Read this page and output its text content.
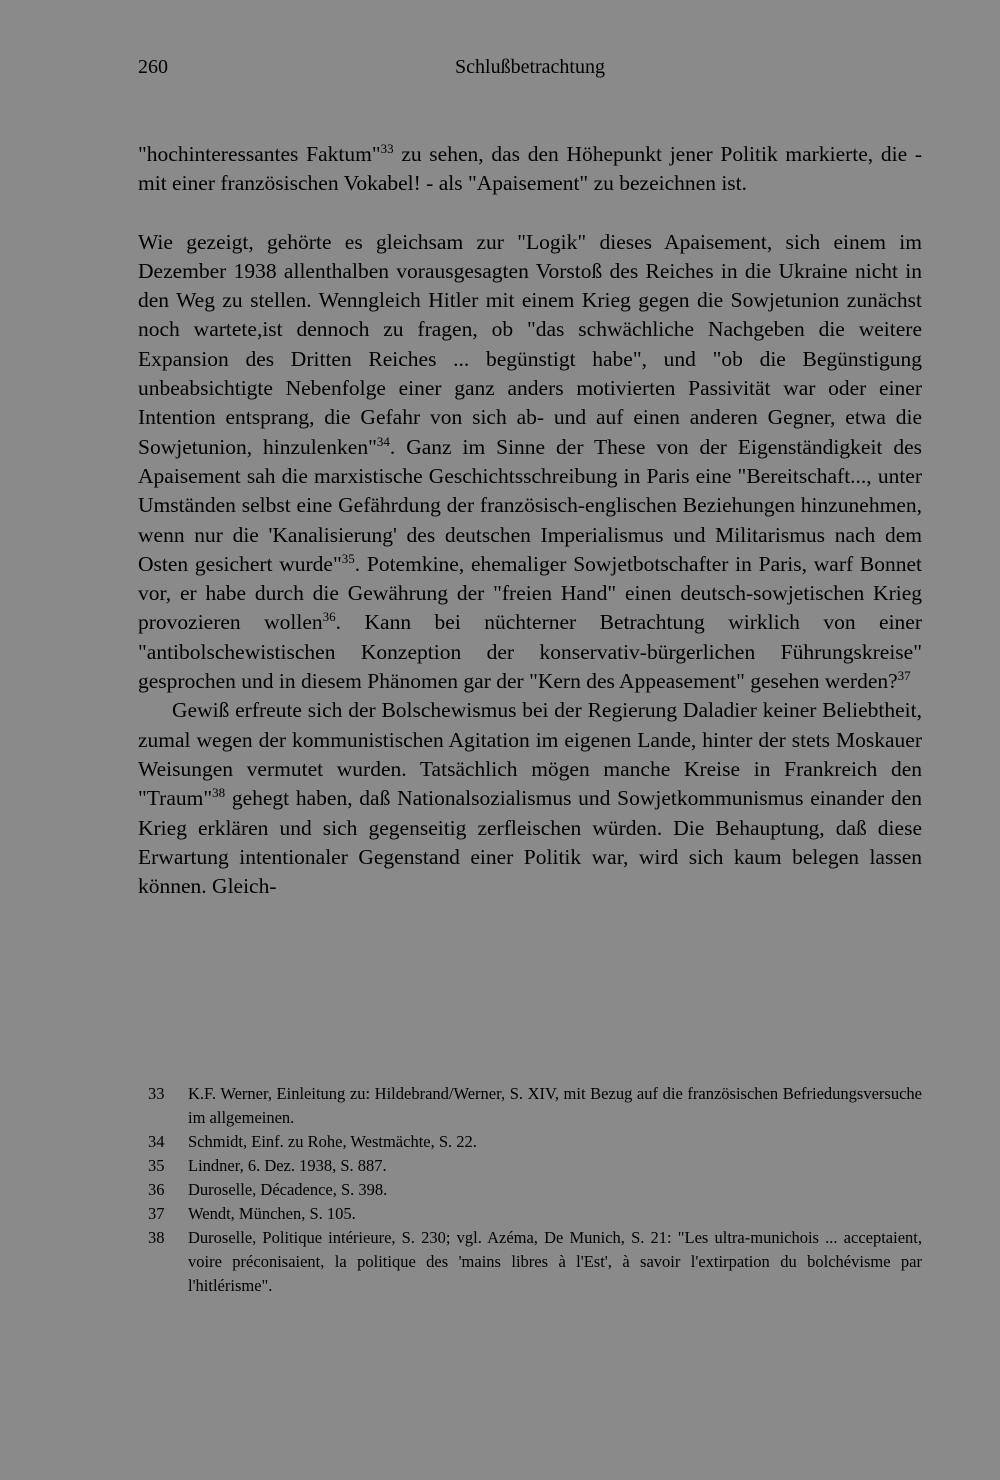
260	Schlußbetrachtung

"hochinteressantes Faktum"$^{33}$ zu sehen, das den Höhepunkt jener Politik markierte, die - mit einer französischen Vokabel! - als "Apaisement" zu bezeichnen ist.

Wie gezeigt, gehörte es gleichsam zur "Logik" dieses Apaisement, sich einem im Dezember 1938 allenthalben vorausgesagten Vorstoß des Reiches in die Ukraine nicht in den Weg zu stellen. Wenngleich Hitler mit einem Krieg gegen die Sowjetunion zunächst noch wartete,ist dennoch zu fragen, ob "das schwächliche Nachgeben die weitere Expansion des Dritten Reiches ... begünstigt habe", und "ob die Begünstigung unbeabsichtigte Nebenfolge einer ganz anders motivierten Passivität war oder einer Intention entsprang, die Gefahr von sich ab- und auf einen anderen Gegner, etwa die Sowjetunion, hinzulenken"$^{34}$. Ganz im Sinne der These von der Eigenständigkeit des Apaisement sah die marxistische Geschichtsschreibung in Paris eine "Bereitschaft..., unter Umständen selbst eine Gefährdung der französisch-englischen Beziehungen hinzunehmen, wenn nur die 'Kanalisierung' des deutschen Imperialismus und Militarismus nach dem Osten gesichert wurde"$^{35}$. Potemkine, ehemaliger Sowjetbotschafter in Paris, warf Bonnet vor, er habe durch die Gewährung der "freien Hand" einen deutsch-sowjetischen Krieg provozieren wollen$^{36}$. Kann bei nüchterner Betrachtung wirklich von einer "antibolschewistischen Konzeption der konservativ-bürgerlichen Führungskreise" gesprochen und in diesem Phänomen gar der "Kern des Appeasement" gesehen werden?$^{37}$

Gewiß erfreute sich der Bolschewismus bei der Regierung Daladier keiner Beliebtheit, zumal wegen der kommunistischen Agitation im eigenen Lande, hinter der stets Moskauer Weisungen vermutet wurden. Tatsächlich mögen manche Kreise in Frankreich den "Traum"$^{38}$ gehegt haben, daß Nationalsozialismus und Sowjetkommunismus einander den Krieg erklären und sich gegenseitig zerfleischen würden. Die Behauptung, daß diese Erwartung intentionaler Gegenstand einer Politik war, wird sich kaum belegen lassen können. Gleich-

33	K.F. Werner, Einleitung zu: Hildebrand/Werner, S. XIV, mit Bezug auf die französischen Befriedungsversuche im allgemeinen.
34	Schmidt, Einf. zu Rohe, Westmächte, S. 22.
35	Lindner, 6. Dez. 1938, S. 887.
36	Duroselle, Décadence, S. 398.
37	Wendt, München, S. 105.
38	Duroselle, Politique intérieure, S. 230; vgl. Azéma, De Munich, S. 21: "Les ultra-munichois ... acceptaient, voire préconisaient, la politique des 'mains libres à l'Est', à savoir l'extirpation du bolchévisme par l'hitlérisme".
